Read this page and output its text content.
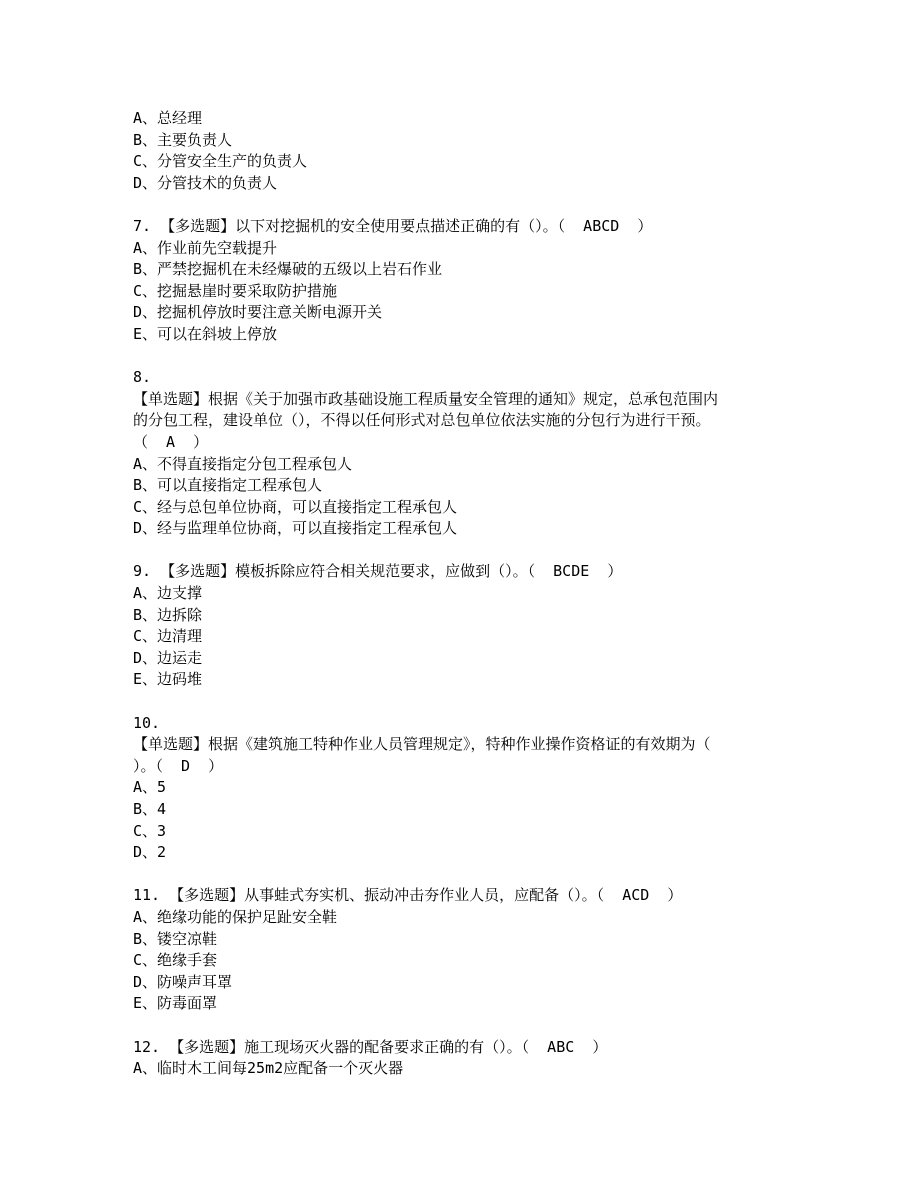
A、总经理
B、主要负责人
C、分管安全生产的负责人
D、分管技术的负责人
7. 【多选题】以下对挖掘机的安全使用要点描述正确的有（）。（  ABCD  ）
A、作业前先空载提升
B、严禁挖掘机在未经爆破的五级以上岩石作业
C、挖掘悬崖时要采取防护措施
D、挖掘机停放时要注意关断电源开关
E、可以在斜坡上停放
8.
【单选题】根据《关于加强市政基础设施工程质量安全管理的通知》规定，总承包范围内
的分包工程，建设单位（），不得以任何形式对总包单位依法实施的分包行为进行干预。
（  A  ）
A、不得直接指定分包工程承包人
B、可以直接指定工程承包人
C、经与总包单位协商，可以直接指定工程承包人
D、经与监理单位协商，可以直接指定工程承包人
9. 【多选题】模板拆除应符合相关规范要求，应做到（）。（  BCDE  ）
A、边支撑
B、边拆除
C、边清理
D、边运走
E、边码堆
10.
【单选题】根据《建筑施工特种作业人员管理规定》，特种作业操作资格证的有效期为（
）。（  D  ）
A、5
B、4
C、3
D、2
11. 【多选题】从事蛙式夯实机、振动冲击夯作业人员，应配备（）。（  ACD  ）
A、绝缘功能的保护足趾安全鞋
B、镂空凉鞋
C、绝缘手套
D、防噪声耳罩
E、防毒面罩
12. 【多选题】施工现场灭火器的配备要求正确的有（）。（  ABC  ）
A、临时木工间每25m2应配备一个灭火器
